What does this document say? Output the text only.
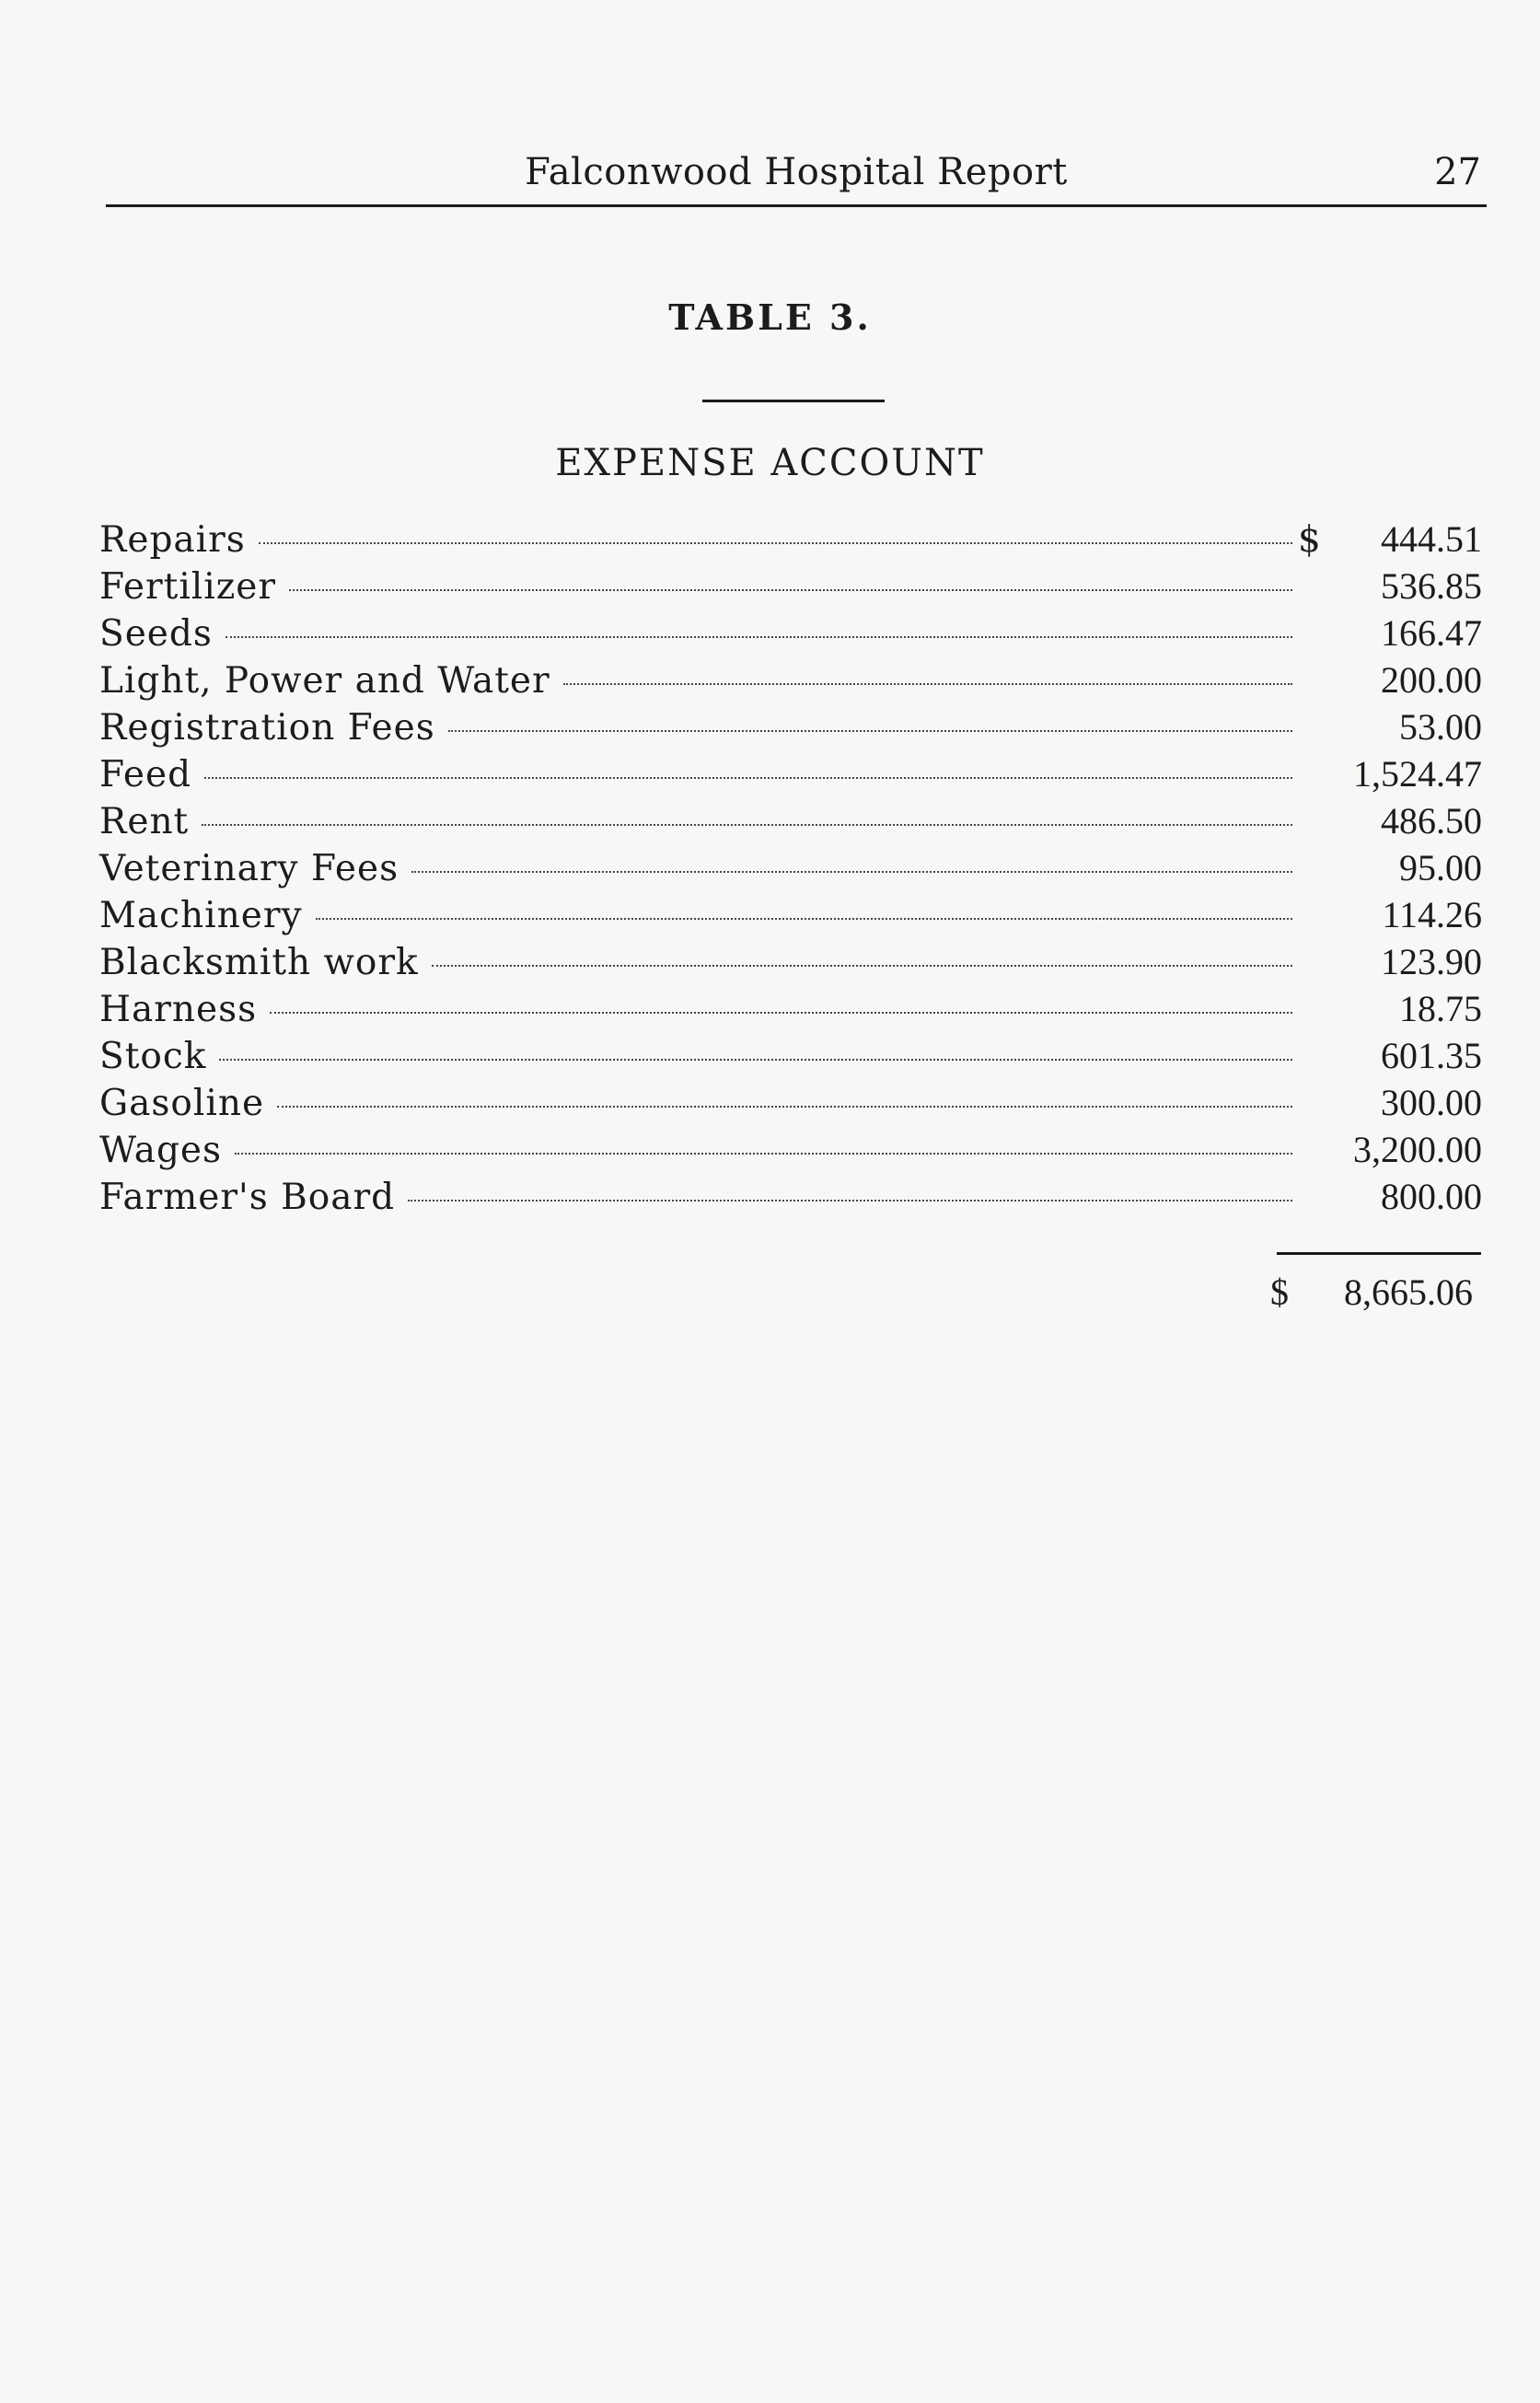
Falconwood Hospital Report	27
TABLE 3.
EXPENSE ACCOUNT
Repairs	$	444.51
Fertilizer	536.85
Seeds	166.47
Light, Power and Water	200.00
Registration Fees	53.00
Feed	1,524.47
Rent	486.50
Veterinary Fees	95.00
Machinery	114.26
Blacksmith work	123.90
Harness	18.75
Stock	601.35
Gasoline	300.00
Wages	3,200.00
Farmer's Board	800.00
$ 8,665.06
